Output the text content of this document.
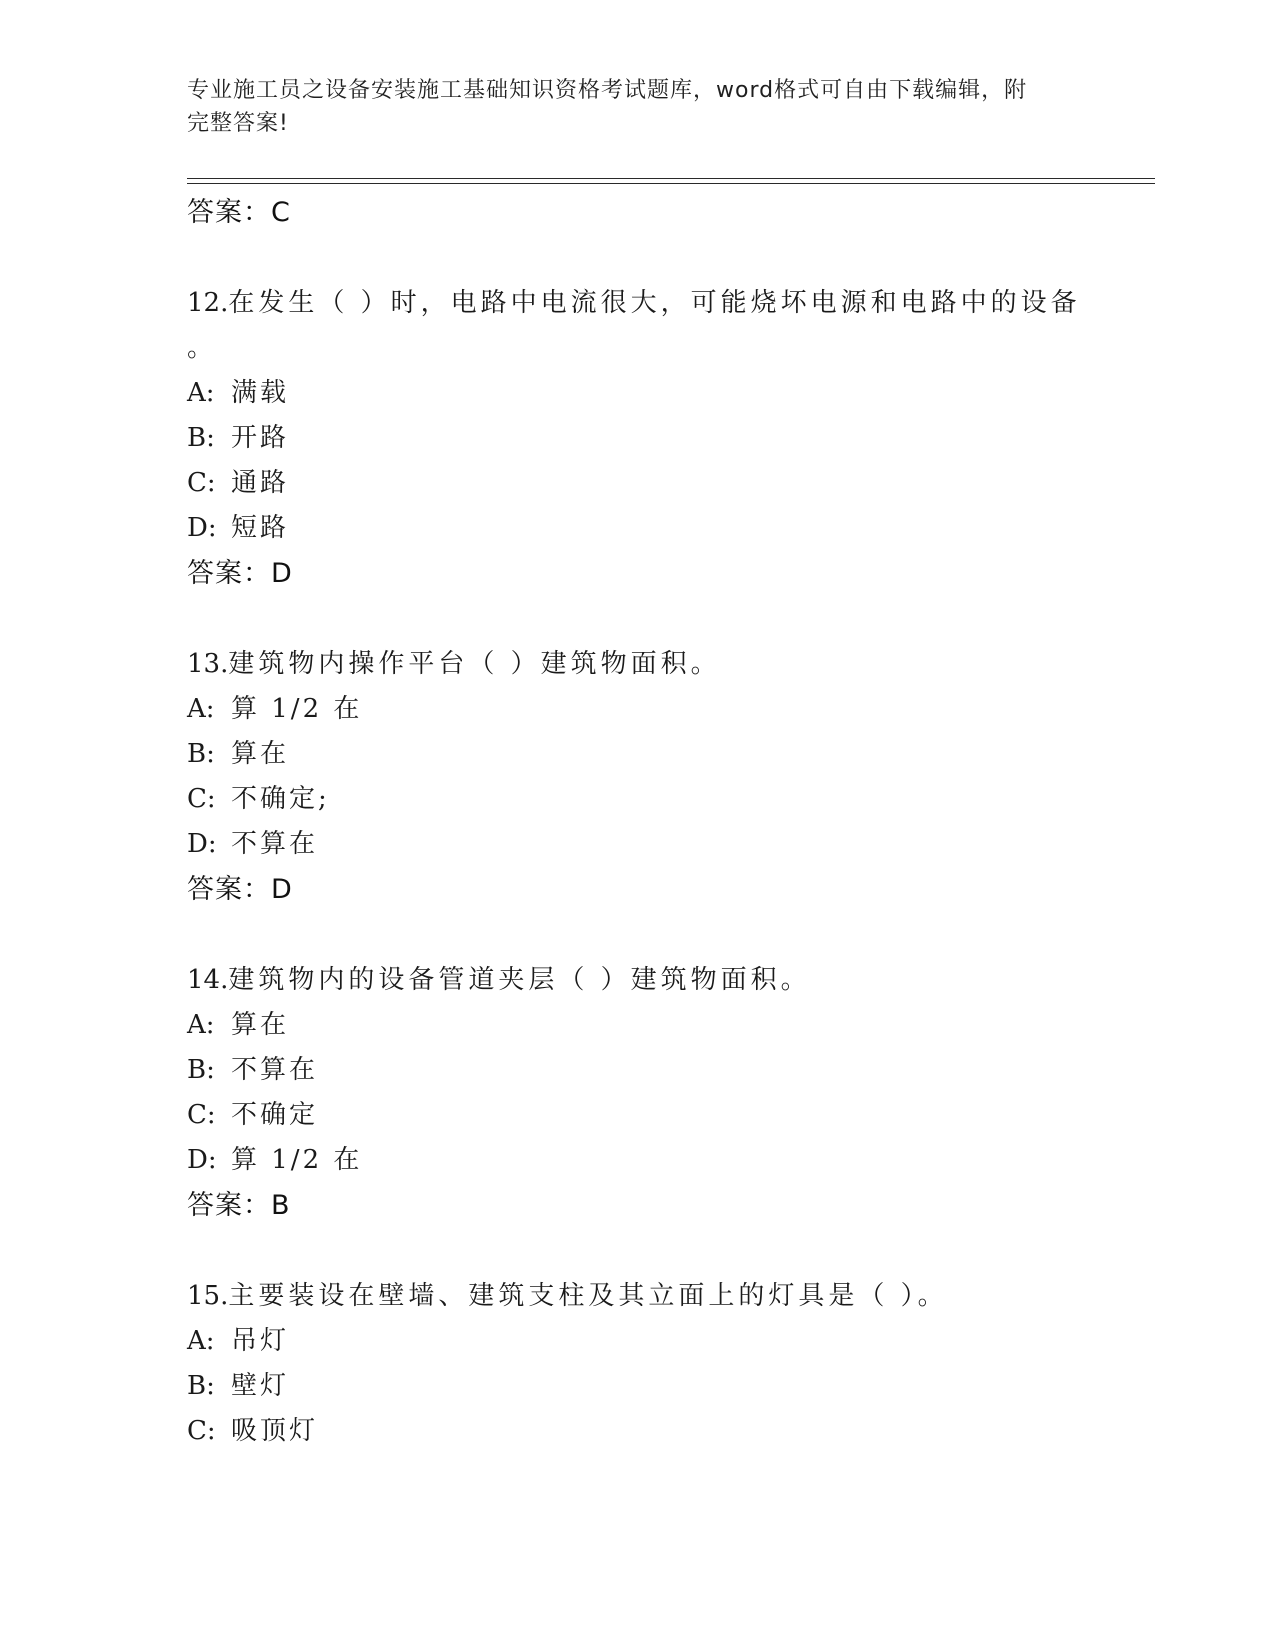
专业施工员之设备安装施工基础知识资格考试题库，word格式可自由下载编辑，附完整答案!
答案：C
12.在发生（ ）时，电路中电流很大，可能烧坏电源和电路中的设备
。
A: 满载
B: 开路
C: 通路
D: 短路
答案：D
13.建筑物内操作平台（ ）建筑物面积。
A: 算 1/2 在
B: 算在
C: 不确定;
D: 不算在
答案：D
14.建筑物内的设备管道夹层（ ）建筑物面积。
A: 算在
B: 不算在
C: 不确定
D: 算 1/2 在
答案：B
15.主要装设在壁墙、建筑支柱及其立面上的灯具是（ ）。
A: 吊灯
B: 壁灯
C: 吸顶灯
